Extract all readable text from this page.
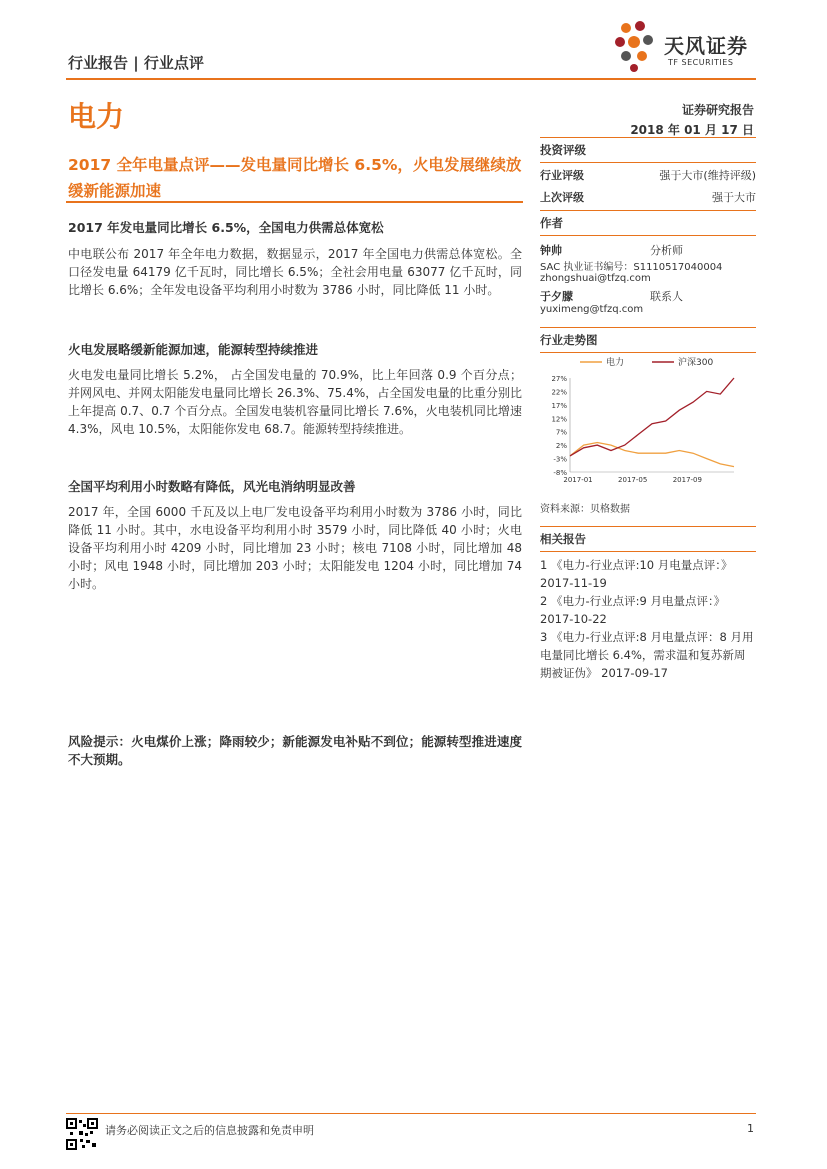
行业报告 | 行业点评
天风证券
TF SECURITIES
电力	证券研究报告
2018 年 01 月 17 日
2017 全年电量点评——发电量同比增长 6.5%，火电发展继续放缓新能源加速
2017 年发电量同比增长 6.5%，全国电力供需总体宽松
中电联公布 2017 年全年电力数据，数据显示，2017 年全国电力供需总体宽松。全口径发电量 64179 亿千瓦时，同比增长 6.5%；全社会用电量 63077 亿千瓦时，同比增长 6.6%；全年发电设备平均利用小时数为 3786 小时，同比降低 11 小时。
火电发展略缓新能源加速，能源转型持续推进
火电发电量同比增长 5.2%， 占全国发电量的 70.9%，比上年回落 0.9 个百分点；并网风电、并网太阳能发电量同比增长 26.3%、75.4%，占全国发电量的比重分别比上年提高 0.7、0.7 个百分点。全国发电装机容量同比增长 7.6%，火电装机同比增速 4.3%，风电 10.5%，太阳能你发电 68.7。能源转型持续推进。
全国平均利用小时数略有降低，风光电消纳明显改善
2017 年，全国 6000 千瓦及以上电厂发电设备平均利用小时数为 3786 小时，同比降低 11 小时。其中，水电设备平均利用小时 3579 小时，同比降低 40 小时；火电设备平均利用小时 4209 小时，同比增加 23 小时；核电 7108 小时，同比增加 48 小时；风电 1948 小时，同比增加 203 小时；太阳能发电 1204 小时，同比增加 74 小时。
风险提示：火电煤价上涨；降雨较少；新能源发电补贴不到位；能源转型推进速度不大预期。
投资评级
行业评级	强于大市(维持评级)
上次评级	强于大市
作者
钟帅	分析师
SAC 执业证书编号：S1110517040004
zhongshuai@tfzq.com
于夕朦	联系人
yuximeng@tfzq.com
行业走势图
电力	沪深300
27%
22%
17%
12%
7%
2%
-3%
-8%
2017-01	2017-05	2017-09
资料来源：贝格数据
相关报告
1 《电力-行业点评:10 月电量点评：》
2017-11-19
2 《电力-行业点评:9 月电量点评：》
2017-10-22
3 《电力-行业点评:8 月电量点评：8 月用电量同比增长 6.4%，需求温和复苏新周期被证伪》 2017-09-17
请务必阅读正文之后的信息披露和免责申明	1
